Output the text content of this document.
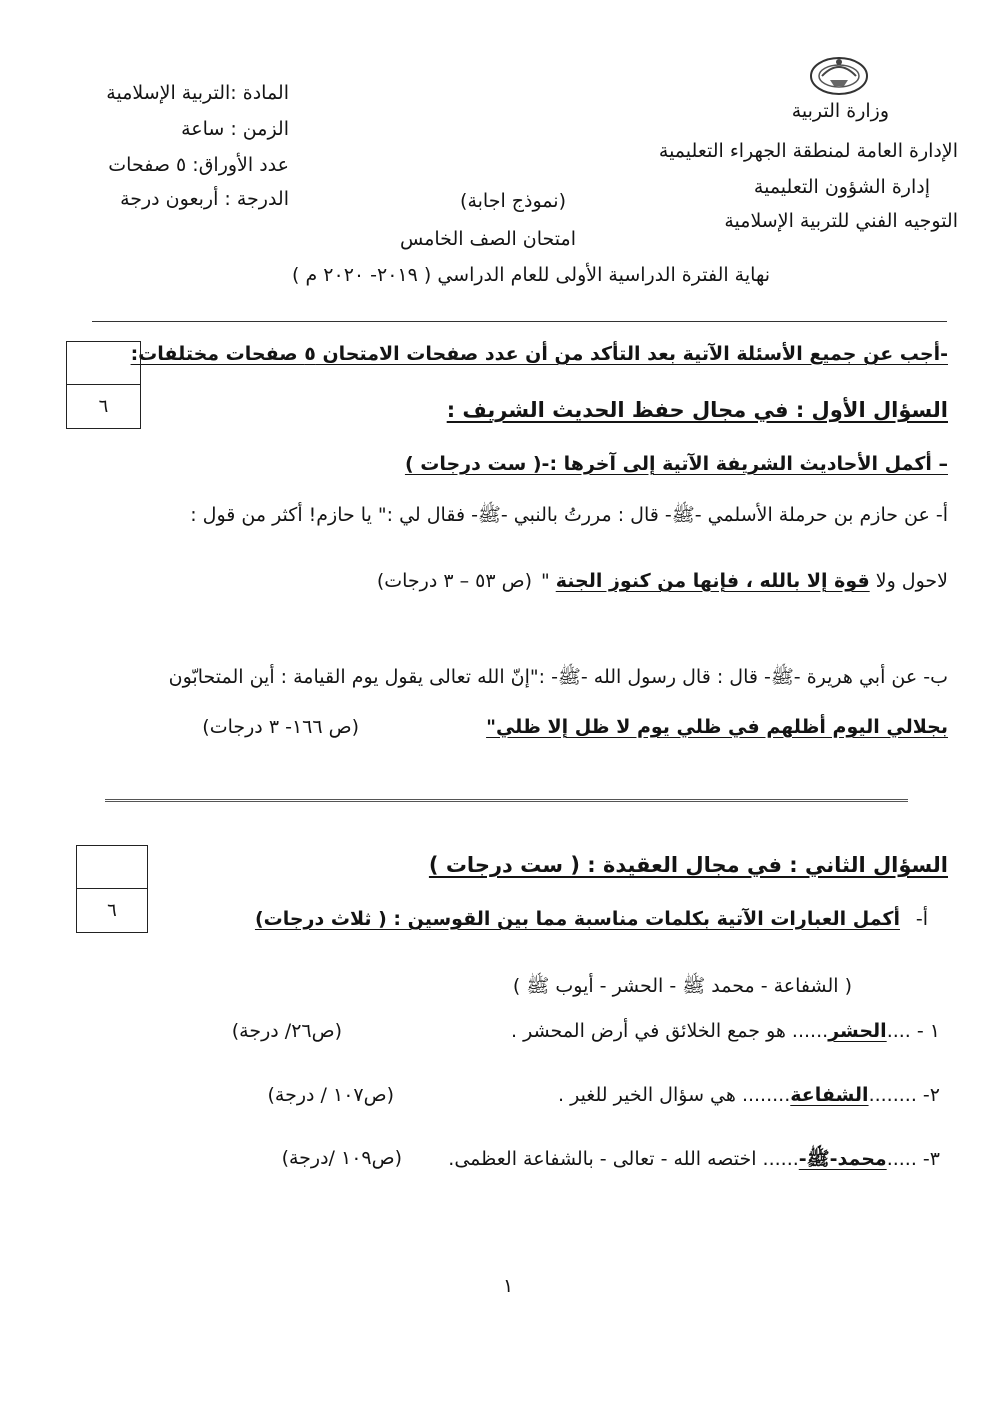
وزارة التربية
الإدارة العامة لمنطقة الجهراء التعليمية
إدارة الشؤون التعليمية
التوجيه الفني للتربية الإسلامية
المادة :التربية الإسلامية
الزمن : ساعة
عدد الأوراق: ٥ صفحات
الدرجة : أربعون درجة	(نموذج اجابة)
امتحان الصف الخامس
نهاية الفترة الدراسية الأولى للعام الدراسي ( ٢٠١٩- ٢٠٢٠ م )
-أجب عن جميع الأسئلة الآتية بعد التأكد من أن عدد صفحات الامتحان ٥ صفحات مختلفات:
٦	السؤال الأول : في مجال حفظ الحديث الشريف :
– أكمل الأحاديث الشريفة الآتية إلى آخرها :-( ست درجات )
أ- عن حازم بن حرملة الأسلمي -ﷺ- قال : مررتُ بالنبي -ﷺ- فقال لي :" يا حازم! أكثر من قول :
لاحول ولا قوة إلا بالله ، فإنها من كنوز الجنة "
(ص ٥٣ – ٣ درجات)
ب- عن أبي هريرة -ﷺ- قال : قال رسول الله -ﷺ- :"إنّ الله تعالى يقول يوم القيامة : أين المتحابّون
بجلالي اليوم أظلهم في ظلي يوم لا ظل إلا ظلي"
(ص ١٦٦- ٣ درجات)
٦
السؤال الثاني : في مجال العقيدة : ( ست درجات )
أ-
أكمل العبارات الآتية بكلمات مناسبة مما بين القوسين : ( ثلاث درجات)
( الشفاعة - محمد ﷺ - الحشر - أيوب ﷺ )
١ - ....الحشر...... هو جمع الخلائق في أرض المحشر .
(ص٢٦/ درجة)
٢- ........الشفاعة........ هي سؤال الخير للغير .
(ص١٠٧ / درجة)
٣- .....محمد-ﷺ-...... اختصه الله - تعالى - بالشفاعة العظمى.
(ص١٠٩ /درجة)
١
